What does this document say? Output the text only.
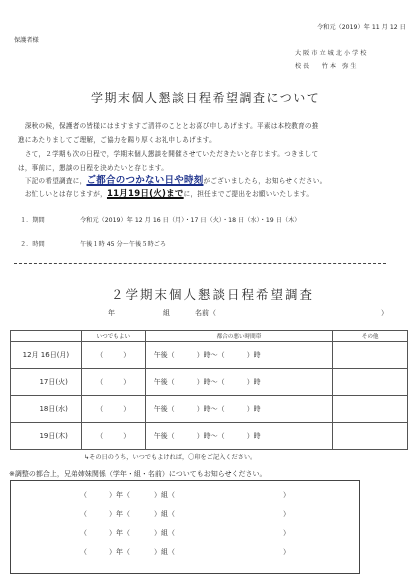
令和元（2019）年 11 月 12 日
保護者様
大 阪 市 立 城 北 小 学 校
校 長　　竹 本　弥 生
学期末個人懇談日程希望調査について
　深秋の候，保護者の皆様にはますますご清祥のこととお喜び申しあげます。平素は本校教育の推
進にあたりましてご理解，ご協力を賜り厚くお礼申しあげます。
　さて，２学期も次の日程で，学期末個人懇談を開催させていただきたいと存じます。つきまして
は，事前に，懇談の日程を決めたいと存じます。
　下記の希望調査に，ご都合のつかない日や時刻がございましたら，お知らせください。
　お忙しいとは存じますが，11月19日(火)までに，担任までご提出をお願いいたします。
１．期間	令和元（2019）年 12 月 16 日（月）・17 日（火）・18 日（水）・19 日（木）
２．時間	午後１時 45 分～午後５時ごろ
２学期末個人懇談日程希望調査
年	組	名前（	）
	いつでもよい	都合の悪い時間帯	その他
12月 16日(月)	（ ）	午後（ ）時～（ ）時	

17日(火)	（ ）	午後（ ）時～（ ）時	

18日(水)	（ ）	午後（ ）時～（ ）時	

19日(木)	（ ）	午後（ ）時～（ ）時	

↳その日のうち，いつでもよければ，〇印をご記入ください。
※調整の都合上，兄弟姉妹関係（学年・組・名前）についてもお知らせください。
（	）年（	）組（	）
（	）年（	）組（	）
（	）年（	）組（	）
（	）年（	）組（	）
